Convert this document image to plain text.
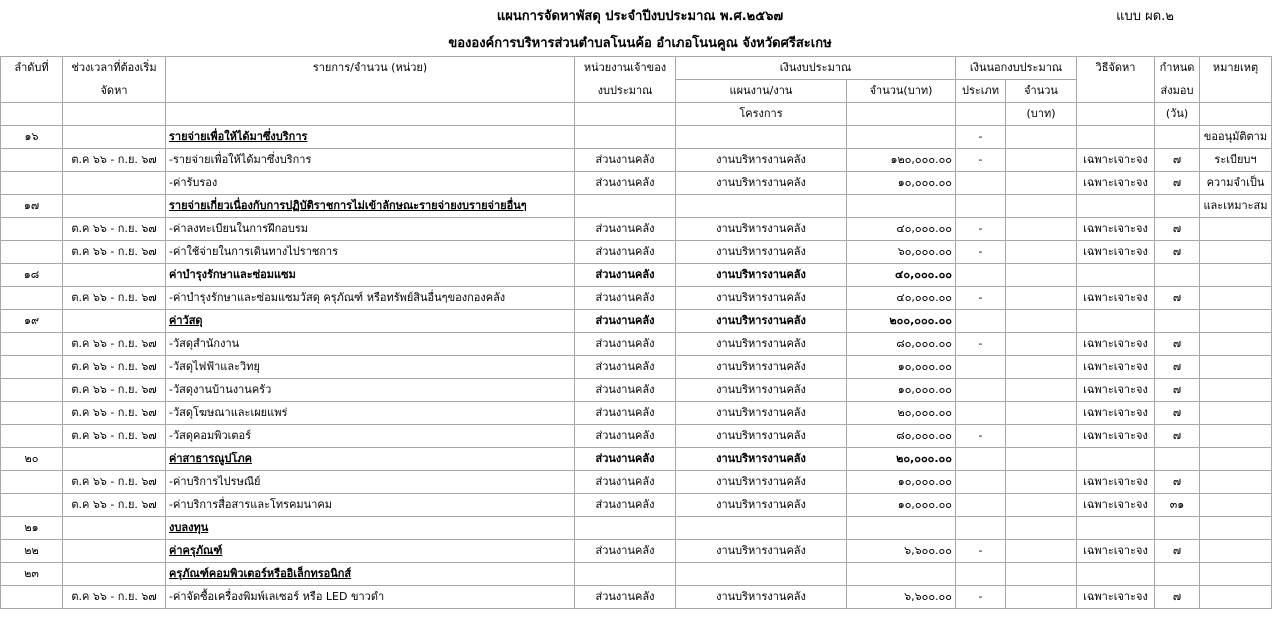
แผนการจัดหาพัสดุ ประจำปีงบประมาณ พ.ศ.๒๕๖๗	แบบ ผด.๒
ขององค์การบริหารส่วนตำบลโนนค้อ อำเภอโนนคูณ จังหวัดศรีสะเกษ
ลำดับที่	ช่วงเวลาที่ต้องเริ่ม	รายการ/จำนวน (หน่วย)	หน่วยงานเจ้าของ	เงินงบประมาณ		เงินนอกงบประมาณ		วิธีจัดหา	กำหนด	หมายเหตุ
	จัดหา		งบประมาณ	แผนงาน/งาน	จำนวน(บาท)	ประเภท	จำนวน		ส่งมอบ	
				โครงการ			(บาท)		(วัน)	
๑๖		รายจ่ายเพื่อให้ได้มาซึ่งบริการ				-				ขออนุมัติตาม
	ต.ค ๖๖ - ก.ย. ๖๗	-รายจ่ายเพื่อให้ได้มาซึ่งบริการ	ส่วนงานคลัง	งานบริหารงานคลัง	๑๒๐,๐๐๐.๐๐	-		เฉพาะเจาะจง	๗	ระเบียบฯ
		-ค่ารับรอง	ส่วนงานคลัง	งานบริหารงานคลัง	๑๐,๐๐๐.๐๐			เฉพาะเจาะจง	๗	ความจำเป็น
๑๗		รายจ่ายเกี่ยวเนื่องกับการปฏิบัติราชการไม่เข้าลักษณะรายจ่ายงบรายจ่ายอื่นๆ								และเหมาะสม
	ต.ค ๖๖ - ก.ย. ๖๗	-ค่าลงทะเบียนในการฝึกอบรม	ส่วนงานคลัง	งานบริหารงานคลัง	๔๐,๐๐๐.๐๐	-		เฉพาะเจาะจง	๗	
	ต.ค ๖๖ - ก.ย. ๖๗	-ค่าใช้จ่ายในการเดินทางไปราชการ	ส่วนงานคลัง	งานบริหารงานคลัง	๖๐,๐๐๐.๐๐	-		เฉพาะเจาะจง	๗	
๑๘		ค่าบำรุงรักษาและซ่อมแซม	ส่วนงานคลัง	งานบริหารงานคลัง	๔๐,๐๐๐.๐๐					
	ต.ค ๖๖ - ก.ย. ๖๗	-ค่าบำรุงรักษาและซ่อมแซมวัสดุ ครุภัณฑ์ หรือทรัพย์สินอื่นๆของกองคลัง	ส่วนงานคลัง	งานบริหารงานคลัง	๔๐,๐๐๐.๐๐	-		เฉพาะเจาะจง	๗	
๑๙		ค่าวัสดุ	ส่วนงานคลัง	งานบริหารงานคลัง	๒๐๐,๐๐๐.๐๐					
	ต.ค ๖๖ - ก.ย. ๖๗	-วัสดุสำนักงาน	ส่วนงานคลัง	งานบริหารงานคลัง	๘๐,๐๐๐.๐๐	-		เฉพาะเจาะจง	๗	
	ต.ค ๖๖ - ก.ย. ๖๗	-วัสดุไฟฟ้าและวิทยุ	ส่วนงานคลัง	งานบริหารงานคลัง	๑๐,๐๐๐.๐๐			เฉพาะเจาะจง	๗	
	ต.ค ๖๖ - ก.ย. ๖๗	-วัสดุงานบ้านงานครัว	ส่วนงานคลัง	งานบริหารงานคลัง	๑๐,๐๐๐.๐๐			เฉพาะเจาะจง	๗	
	ต.ค ๖๖ - ก.ย. ๖๗	-วัสดุโฆษณาและเผยแพร่	ส่วนงานคลัง	งานบริหารงานคลัง	๒๐,๐๐๐.๐๐			เฉพาะเจาะจง	๗	
	ต.ค ๖๖ - ก.ย. ๖๗	-วัสดุคอมพิวเตอร์	ส่วนงานคลัง	งานบริหารงานคลัง	๘๐,๐๐๐.๐๐	-		เฉพาะเจาะจง	๗	
๒๐		ค่าสาธารณูปโภค	ส่วนงานคลัง	งานบริหารงานคลัง	๒๐,๐๐๐.๐๐					
	ต.ค ๖๖ - ก.ย. ๖๗	-ค่าบริการไปรษณีย์	ส่วนงานคลัง	งานบริหารงานคลัง	๑๐,๐๐๐.๐๐			เฉพาะเจาะจง	๗	
	ต.ค ๖๖ - ก.ย. ๖๗	-ค่าบริการสื่อสารและโทรคมนาคม	ส่วนงานคลัง	งานบริหารงานคลัง	๑๐,๐๐๐.๐๐			เฉพาะเจาะจง	๓๑	
๒๑		งบลงทุน								
๒๒		ค่าครุภัณฑ์	ส่วนงานคลัง	งานบริหารงานคลัง	๖,๖๐๐.๐๐	-		เฉพาะเจาะจง	๗	
๒๓		ครุภัณฑ์คอมพิวเตอร์หรืออิเล็กทรอนิกส์								
	ต.ค ๖๖ - ก.ย. ๖๗	-ค่าจัดซื้อเครื่องพิมพ์เลเซอร์ หรือ LED ขาวดำ	ส่วนงานคลัง	งานบริหารงานคลัง	๖,๖๐๐.๐๐	-		เฉพาะเจาะจง	๗	
